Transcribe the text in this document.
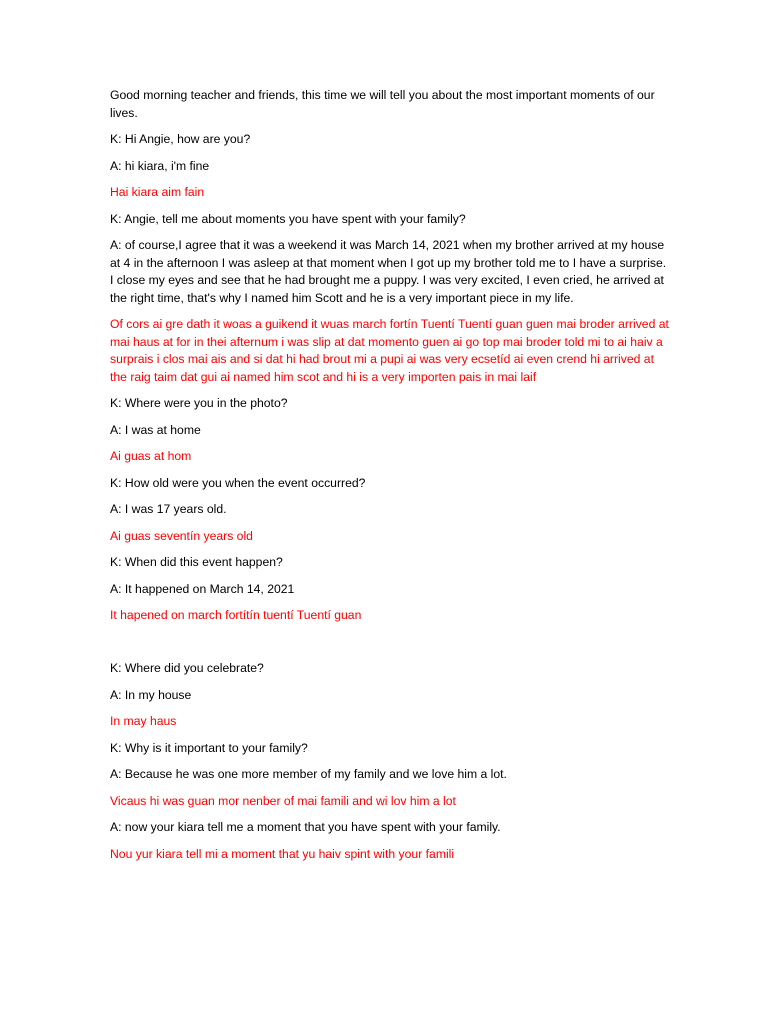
Good morning teacher and friends, this time we will tell you about the most important moments of our lives.

K: Hi Angie, how are you?

A: hi kiara, i'm fine

Hai kiara aim fain

K: Angie, tell me about moments you have spent with your family?

A: of course,I agree that it was a weekend it was March 14, 2021 when my brother arrived at my house at 4 in the afternoon I was asleep at that moment when I got up my brother told me to I have a surprise. I close my eyes and see that he had brought me a puppy. I was very excited, I even cried, he arrived at the right time, that's why I named him Scott and he is a very important piece in my life.

Of cors ai gre dath it woas a guikend it wuas march fortín Tuentí Tuentí guan guen mai broder arrived at mai haus at for in thei afternum i was slip at dat momento guen ai go top mai broder told mi to ai haiv a surprais i clos mai ais and si dat hi had brout mi a pupi ai was very ecsetíd ai even crend hi arrived at the raig taim dat gui ai named him scot and hi is a very importen pais in mai laif

K: Where were you in the photo?

A: I was at home

Ai guas at hom

K: How old were you when the event occurred?

A: I was 17 years old.

Ai guas seventín years old

K: When did this event happen?

A: It happened on March 14, 2021

It hapened on march fortítín tuentí Tuentí guan

K: Where did you celebrate?

A: In my house

In may haus

K: Why is it important to your family?

A: Because he was one more member of my family and we love him a lot.

Vicaus hi was guan mor nenber of mai famili and wi lov him a lot

A: now your kiara tell me a moment that you have spent with your family.

Nou yur kiara tell mi a moment that yu haiv spint with your famili
